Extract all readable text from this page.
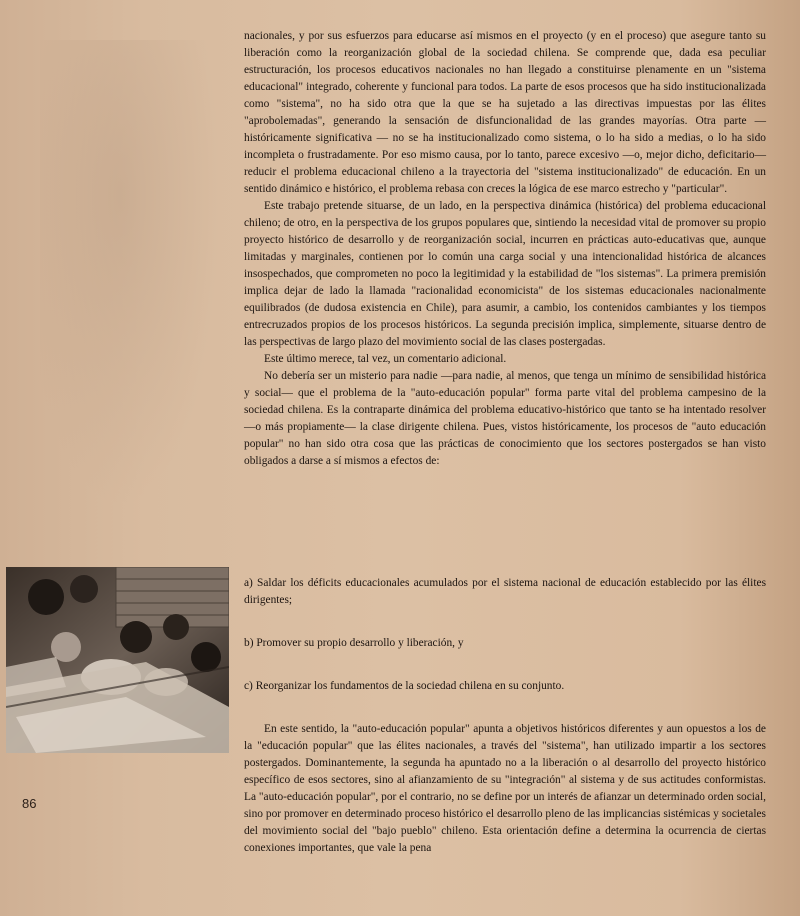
nacionales, y por sus esfuerzos para educarse así mismos en el proyecto (y en el proceso) que asegure tanto su liberación como la reorganización global de la sociedad chilena. Se comprende que, dada esa peculiar estructuración, los procesos educativos nacionales no han llegado a constituirse plenamente en un "sistema educacional" integrado, coherente y funcional para todos. La parte de esos procesos que ha sido institucionalizada como "sistema", no ha sido otra que la que se ha sujetado a las directivas impuestas por las élites "aprobolemadas", generando la sensación de disfuncionalidad de las grandes mayorías. Otra parte — históricamente significativa — no se ha institucionalizado como sistema, o lo ha sido a medias, o lo ha sido incompleta o frustradamente. Por eso mismo causa, por lo tanto, parece excesivo —o, mejor dicho, deficitario— reducir el problema educacional chileno a la trayectoria del "sistema institucionalizado" de educación. En un sentido dinámico e histórico, el problema rebasa con creces la lógica de ese marco estrecho y "particular".

Este trabajo pretende situarse, de un lado, en la perspectiva dinámica (histórica) del problema educacional chileno; de otro, en la perspectiva de los grupos populares que, sintiendo la necesidad vital de promover su propio proyecto histórico de desarrollo y de reorganización social, incurren en prácticas auto-educativas que, aunque limitadas y marginales, contienen por lo común una carga social y una intencionalidad histórica de alcances insospechados, que comprometen no poco la legitimidad y la estabilidad de "los sistemas". La primera premisión implica dejar de lado la llamada "racionalidad economicista" de los sistemas educacionales nacionalmente equilibrados (de dudosa existencia en Chile), para asumir, a cambio, los contenidos cambiantes y los tiempos entrecruzados propios de los procesos históricos. La segunda precisión implica, simplemente, situarse dentro de las perspectivas de largo plazo del movimiento social de las clases postergadas.

Este último merece, tal vez, un comentario adicional.

No debería ser un misterio para nadie —para nadie, al menos, que tenga un mínimo de sensibilidad histórica y social— que el problema de la "auto-educación popular" forma parte vital del problema campesino de la sociedad chilena. Es la contraparte dinámica del problema educativo-histórico que tanto se ha intentado resolver —o más propiamente— la clase dirigente chilena. Pues, vistos históricamente, los procesos de "auto educación popular" no han sido otra cosa que las prácticas de conocimiento que los sectores postergados se han visto obligados a darse a sí mismos a efectos de:

a) Saldar los déficits educacionales acumulados por el sistema nacional de educación establecido por las élites dirigentes;

b) Promover su propio desarrollo y liberación, y

c) Reorganizar los fundamentos de la sociedad chilena en su conjunto.

En este sentido, la "auto-educación popular" apunta a objetivos históricos diferentes y aun opuestos a los de la "educación popular" que las élites nacionales, a través del "sistema", han utilizado impartir a los sectores postergados. Dominantemente, la segunda ha apuntado no a la liberación o al desarrollo del proyecto histórico específico de esos sectores, sino al afianzamiento de su "integración" al sistema y de sus actitudes conformistas. La "auto-educación popular", por el contrario, no se define por un interés de afianzar un determinado orden social, sino por promover en determinado proceso histórico el desarrollo pleno de las implicancias sistémicas y societales del movimiento social del "bajo pueblo" chileno. Esta orientación define a determina la ocurrencia de ciertas conexiones importantes, que vale la pena

86
